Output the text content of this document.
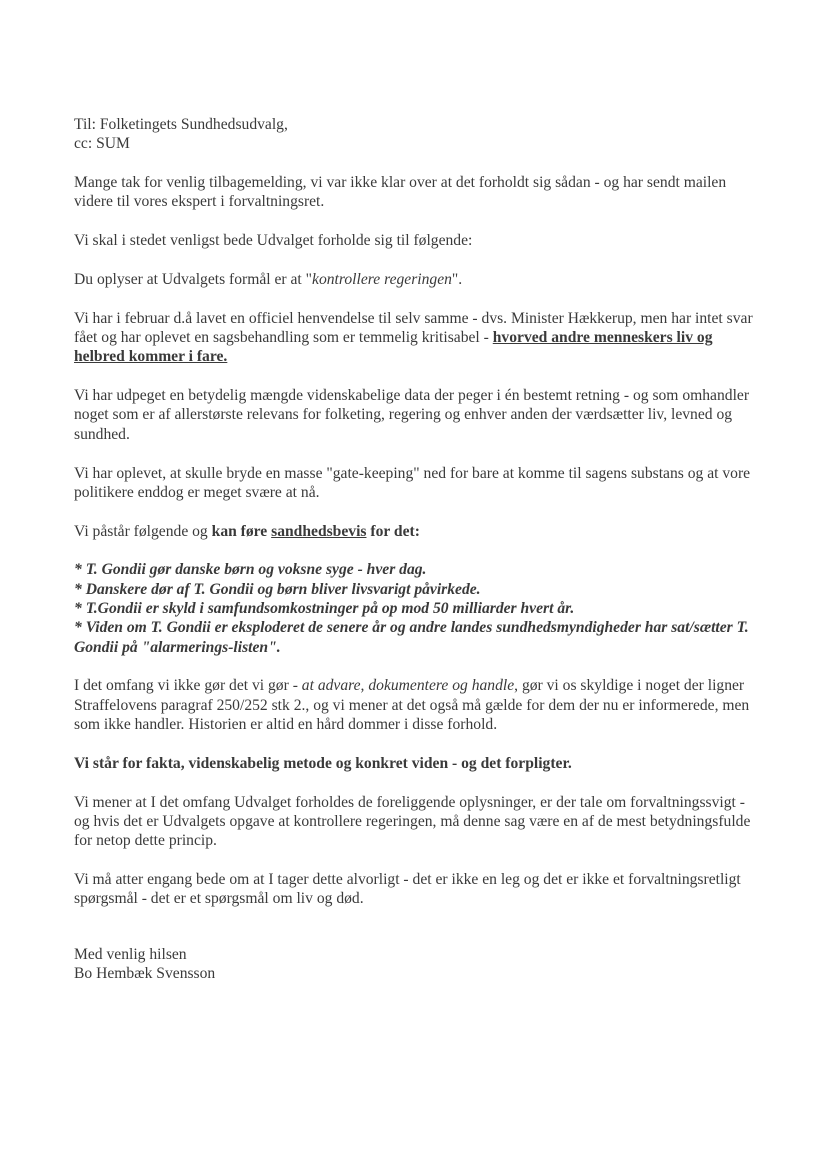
Til: Folketingets Sundhedsudvalg,

cc: SUM

Mange tak for venlig tilbagemelding, vi var ikke klar over at det forholdt sig sådan - og har sendt mailen videre til vores ekspert i forvaltningsret.

Vi skal i stedet venligst bede Udvalget forholde sig til følgende:

Du oplyser at Udvalgets formål er at "kontrollere regeringen".

Vi har i februar d.å lavet en officiel henvendelse til selv samme - dvs. Minister Hækkerup, men har intet svar fået og har oplevet en sagsbehandling som er temmelig kritisabel - hvorved andre menneskers liv og helbred kommer i fare.

Vi har udpeget en betydelig mængde videnskabelige data der peger i én bestemt retning - og som omhandler noget som er af allerstørste relevans for folketing, regering og enhver anden der værdsætter liv, levned og sundhed.

Vi har oplevet, at skulle bryde en masse "gate-keeping" ned for bare at komme til sagens substans og at vore politikere enddog er meget svære at nå.

Vi påstår følgende og kan føre sandhedsbevis for det:

* T. Gondii gør danske børn og voksne syge - hver dag.

* Danskere dør af T. Gondii og børn bliver livsvarigt påvirkede.

* T.Gondii er skyld i samfundsomkostninger på op mod 50 milliarder hvert år.

* Viden om T. Gondii er eksploderet de senere år og andre landes sundhedsmyndigheder har sat/sætter T. Gondii på "alarmerings-listen".

I det omfang vi ikke gør det vi gør - at advare, dokumentere og handle, gør vi os skyldige i noget der ligner Straffelovens paragraf 250/252 stk 2., og vi mener at det også må gælde for dem der nu er informerede, men som ikke handler. Historien er altid en hård dommer i disse forhold.

Vi står for fakta, videnskabelig metode og konkret viden - og det forpligter.

Vi mener at I det omfang Udvalget forholdes de foreliggende oplysninger, er der tale om forvaltningssvigt - og hvis det er Udvalgets opgave at kontrollere regeringen, må denne sag være en af de mest betydningsfulde for netop dette princip.

Vi må atter engang bede om at I tager dette alvorligt - det er ikke en leg og det er ikke et forvaltningsretligt spørgsmål - det er et spørgsmål om liv og død.

Med venlig hilsen

Bo Hembæk Svensson
